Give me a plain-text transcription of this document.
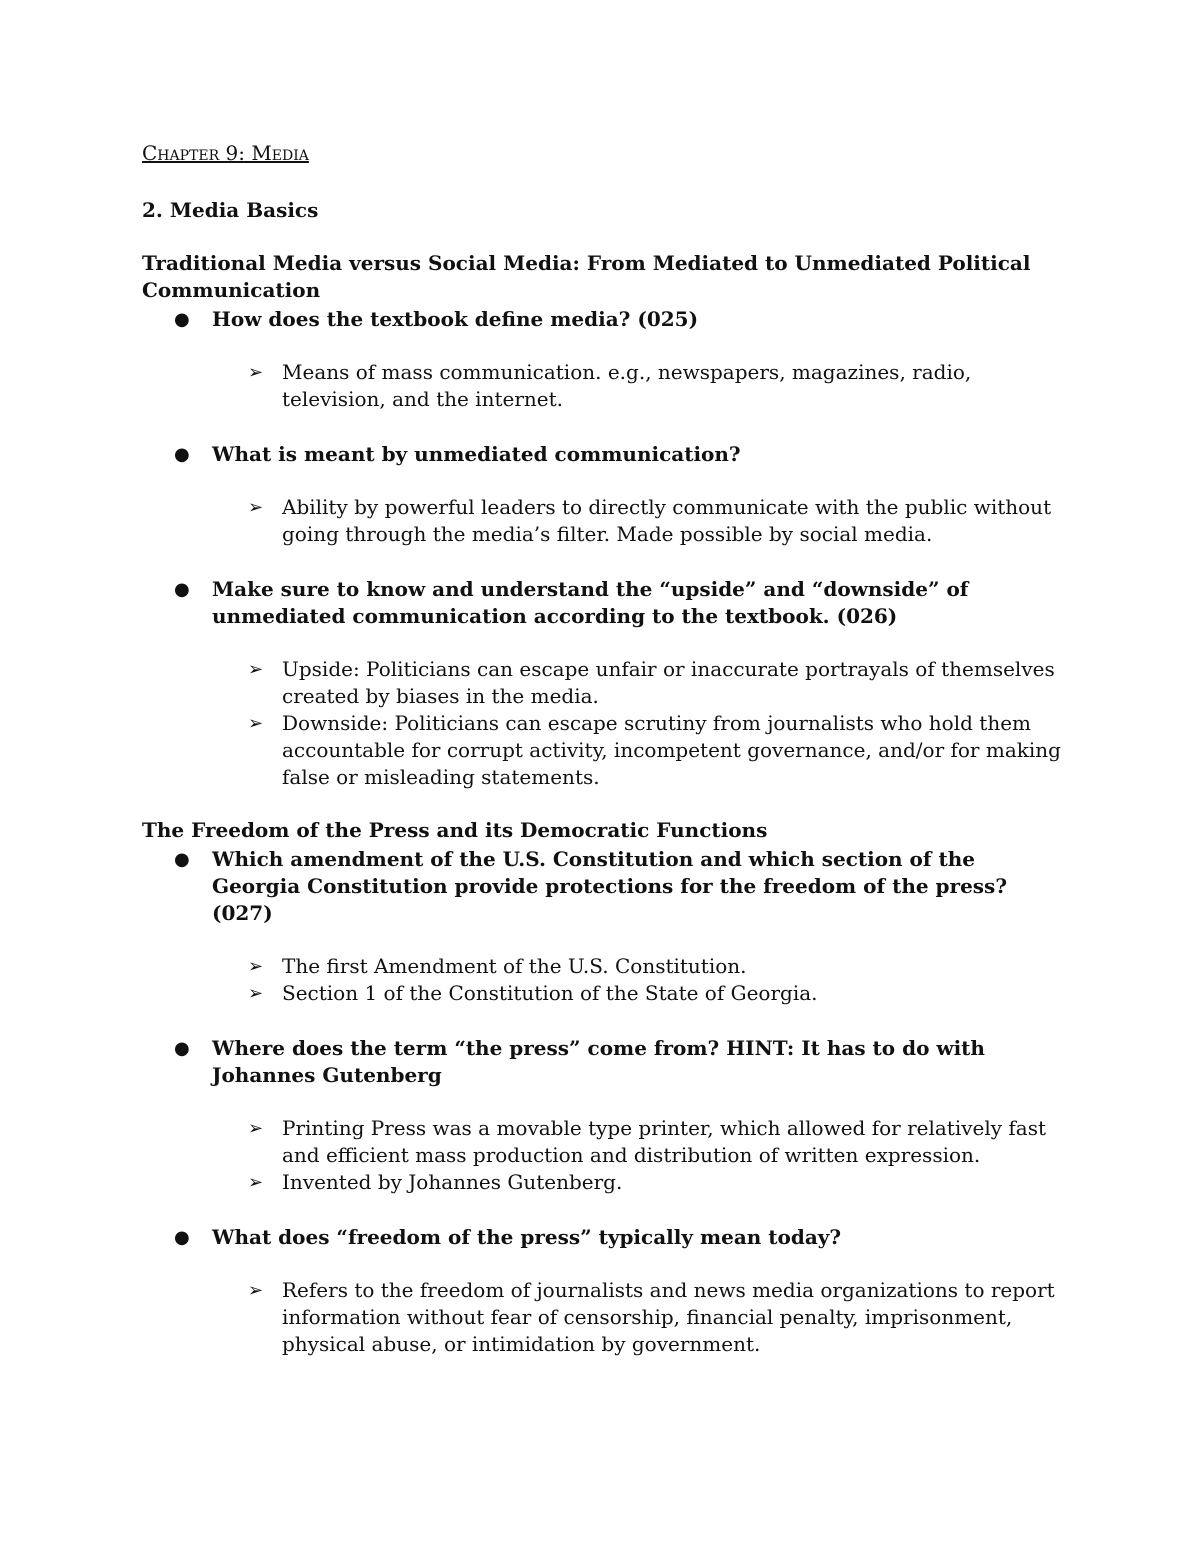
Chapter 9: Media
2. Media Basics
Traditional Media versus Social Media: From Mediated to Unmediated Political Communication
● How does the textbook define media? (025)
➢ Means of mass communication. e.g., newspapers, magazines, radio, television, and the internet.
● What is meant by unmediated communication?
➢ Ability by powerful leaders to directly communicate with the public without going through the media’s filter. Made possible by social media.
● Make sure to know and understand the “upside” and “downside” of unmediated communication according to the textbook. (026)
➢ Upside: Politicians can escape unfair or inaccurate portrayals of themselves created by biases in the media.
➢ Downside: Politicians can escape scrutiny from journalists who hold them accountable for corrupt activity, incompetent governance, and/or for making false or misleading statements.
The Freedom of the Press and its Democratic Functions
● Which amendment of the U.S. Constitution and which section of the Georgia Constitution provide protections for the freedom of the press? (027)
➢ The first Amendment of the U.S. Constitution.
➢ Section 1 of the Constitution of the State of Georgia.
● Where does the term “the press” come from? HINT: It has to do with Johannes Gutenberg
➢ Printing Press was a movable type printer, which allowed for relatively fast and efficient mass production and distribution of written expression.
➢ Invented by Johannes Gutenberg.
● What does “freedom of the press” typically mean today?
➢ Refers to the freedom of journalists and news media organizations to report information without fear of censorship, financial penalty, imprisonment, physical abuse, or intimidation by government.
